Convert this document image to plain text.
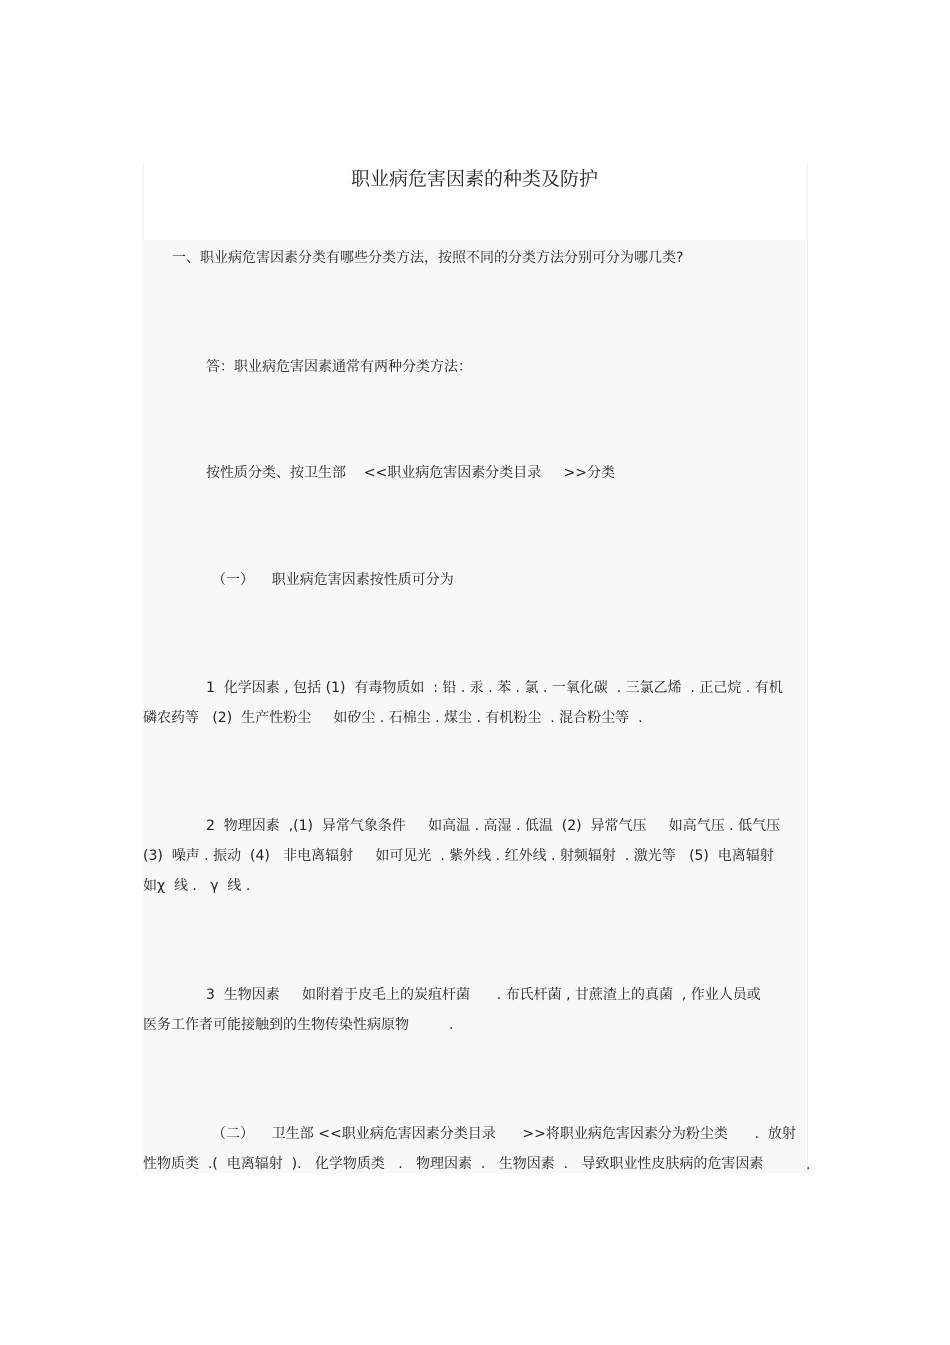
职业病危害因素的种类及防护
一、职业病危害因素分类有哪些分类方法，按照不同的分类方法分别可分为哪几类?
答：职业病危害因素通常有两种分类方法：
按性质分类、按卫生部    <<职业病危害因素分类目录     >>分类
（一）    职业病危害因素按性质可分为
1  化学因素 , 包括 (1)  有毒物质如  : 铅 . 汞 . 苯 . 氯 . 一氧化碳  . 三氯乙烯  . 正己烷 . 有机
磷农药等   (2)  生产性粉尘     如矽尘 . 石棉尘 . 煤尘 . 有机粉尘  . 混合粉尘等  .
2  物理因素  ,(1)  异常气象条件     如高温 . 高湿 . 低温  (2)  异常气压     如高气压 . 低气压
(3)  噪声 . 振动  (4)   非电离辐射     如可见光  . 紫外线 . 红外线 . 射频辐射  . 激光等   (5)  电离辐射
如χ  线 .   γ  线 .
3  生物因素     如附着于皮毛上的炭疽杆菌      . 布氏杆菌 , 甘蔗渣上的真菌  , 作业人员或
医务工作者可能接触到的生物传染性病原物         .
（二）    卫生部 <<职业病危害因素分类目录      >>将职业病危害因素分为粉尘类      .  放射
性物质类  .(  电离辐射  ).   化学物质类   .   物理因素  .   生物因素  .   导致职业性皮肤病的危害因素	.
